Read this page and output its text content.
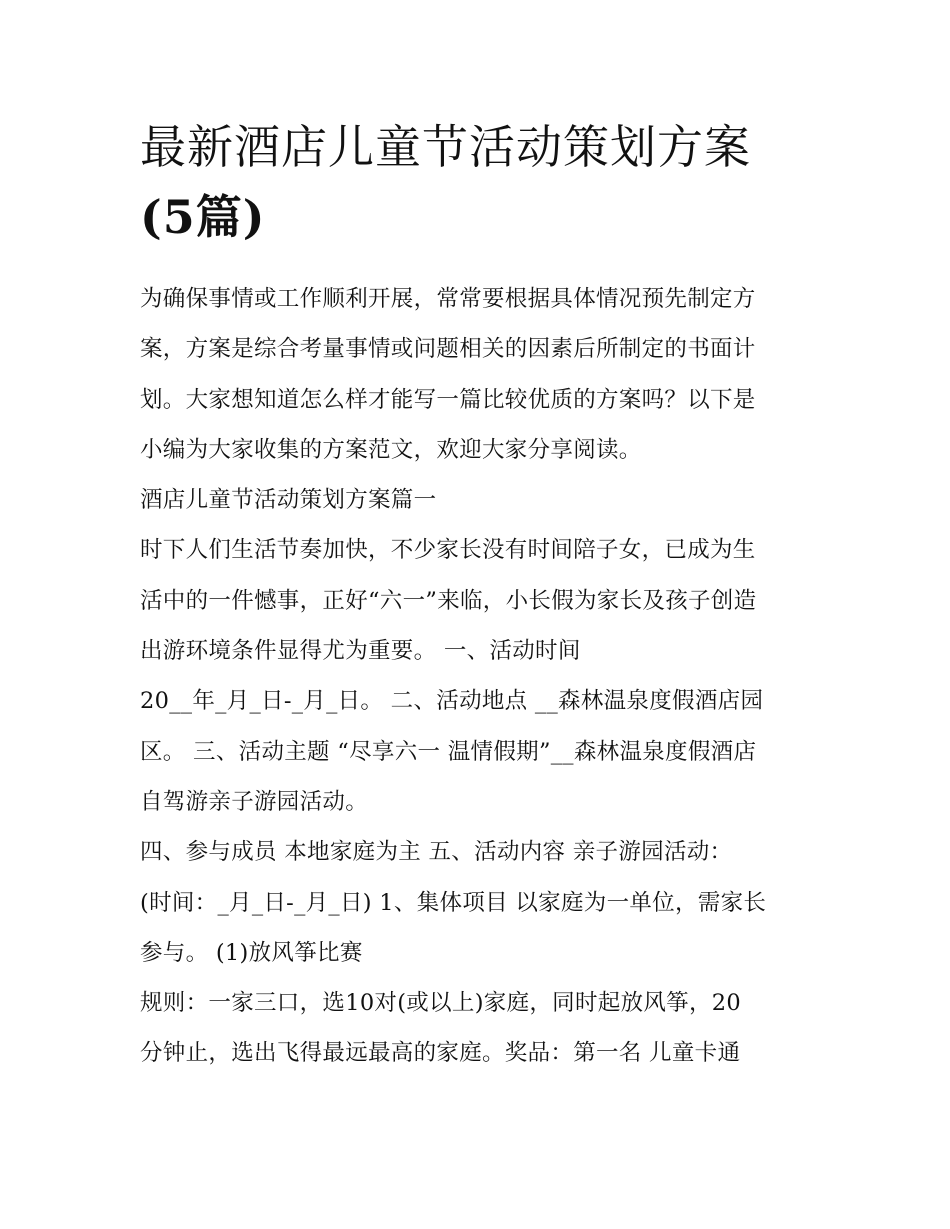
最新酒店儿童节活动策划方案
(5篇)
为确保事情或工作顺利开展，常常要根据具体情况预先制定方
案，方案是综合考量事情或问题相关的因素后所制定的书面计
划。大家想知道怎么样才能写一篇比较优质的方案吗？以下是
小编为大家收集的方案范文，欢迎大家分享阅读。
酒店儿童节活动策划方案篇一
时下人们生活节奏加快，不少家长没有时间陪子女，已成为生
活中的一件憾事，正好“六一”来临，小长假为家长及孩子创造
出游环境条件显得尤为重要。 一、活动时间
20__年_月_日-_月_日。 二、活动地点 __森林温泉度假酒店园
区。 三、活动主题 “尽享六一 温情假期”__森林温泉度假酒店
自驾游亲子游园活动。
四、参与成员 本地家庭为主 五、活动内容 亲子游园活动：
(时间：_月_日-_月_日) 1、集体项目 以家庭为一单位，需家长
参与。 (1)放风筝比赛
规则：一家三口，选10对(或以上)家庭，同时起放风筝，20
分钟止，选出飞得最远最高的家庭。奖品：第一名 儿童卡通
